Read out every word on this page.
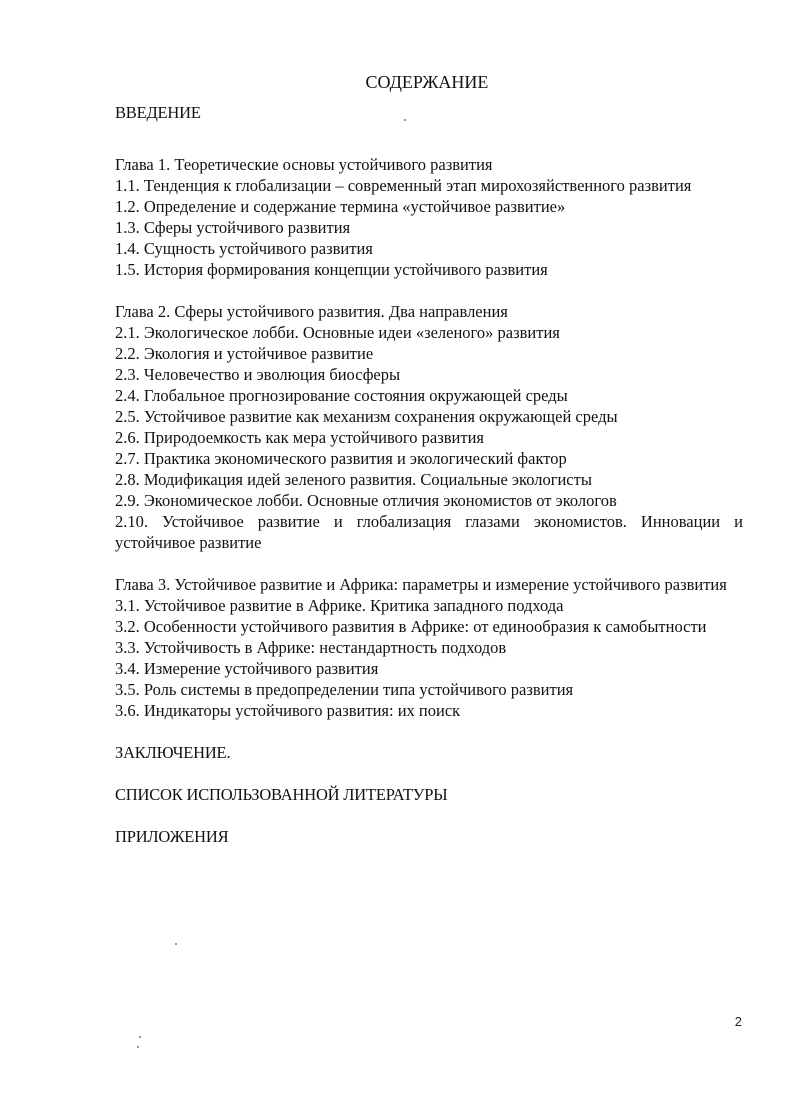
СОДЕРЖАНИЕ

ВВЕДЕНИЕ

Глава 1. Теоретические основы устойчивого развития

1.1. Тенденция к глобализации – современный этап мирохозяйственного развития

1.2. Определение и содержание термина «устойчивое развитие»

1.3. Сферы устойчивого развития

1.4. Сущность устойчивого развития

1.5. История формирования концепции устойчивого развития

Глава 2. Сферы устойчивого развития. Два направления

2.1. Экологическое лобби. Основные идеи «зеленого» развития

2.2. Экология и устойчивое развитие

2.3. Человечество и эволюция биосферы

2.4. Глобальное прогнозирование состояния окружающей среды

2.5. Устойчивое развитие как механизм сохранения окружающей среды

2.6. Природоемкость как мера устойчивого развития

2.7. Практика экономического развития и экологический фактор

2.8. Модификация идей зеленого развития. Социальные экологисты

2.9. Экономическое лобби. Основные отличия экономистов от экологов

2.10. Устойчивое развитие и глобализация глазами экономистов. Инновации и устойчивое развитие

Глава 3. Устойчивое развитие и Африка: параметры и измерение устойчивого развития

3.1. Устойчивое развитие в Африке. Критика западного подхода

3.2. Особенности устойчивого развития в Африке: от единообразия к самобытности

3.3. Устойчивость в Африке: нестандартность подходов

3.4. Измерение устойчивого развития

3.5. Роль системы в предопределении типа устойчивого развития

3.6. Индикаторы устойчивого развития: их поиск

ЗАКЛЮЧЕНИЕ.

СПИСОК ИСПОЛЬЗОВАННОЙ ЛИТЕРАТУРЫ

ПРИЛОЖЕНИЯ

2
